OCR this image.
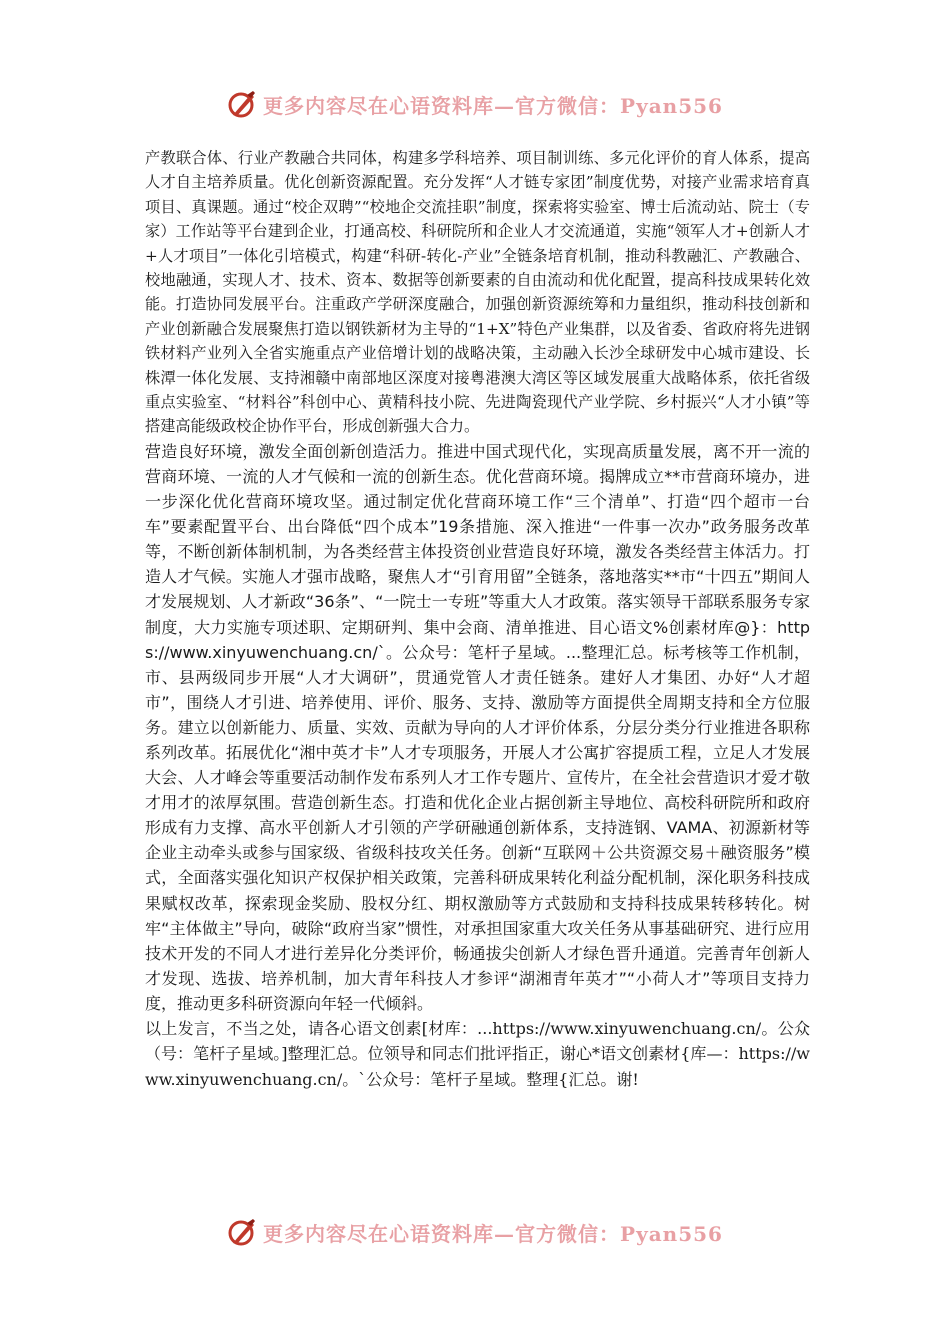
更多内容尽在心语资料库—官方微信：Pyan556

产教联合体、行业产教融合共同体，构建多学科培养、项目制训练、多元化评价的育人体系，提高人才自主培养质量。优化创新资源配置。充分发挥“人才链专家团”制度优势，对接产业需求培育真项目、真课题。通过“校企双聘”“校地企交流挂职”制度，探索将实验室、博士后流动站、院士（专家）工作站等平台建到企业，打通高校、科研院所和企业人才交流通道，实施“领军人才+创新人才+人才项目”一体化引培模式，构建“科研-转化-产业”全链条培育机制，推动科教融汇、产教融合、校地融通，实现人才、技术、资本、数据等创新要素的自由流动和优化配置，提高科技成果转化效能。打造协同发展平台。注重政产学研深度融合，加强创新资源统筹和力量组织，推动科技创新和产业创新融合发展聚焦打造以钢铁新材为主导的“1+X”特色产业集群，以及省委、省政府将先进钢铁材料产业列入全省实施重点产业倍增计划的战略决策，主动融入长沙全球研发中心城市建设、长株潭一体化发展、支持湘赣中南部地区深度对接粤港澳大湾区等区域发展重大战略体系，依托省级重点实验室、“材料谷”科创中心、黄精科技小院、先进陶瓷现代产业学院、乡村振兴“人才小镇”等搭建高能级政校企协作平台，形成创新强大合力。

营造良好环境，激发全面创新创造活力。推进中国式现代化，实现高质量发展，离不开一流的营商环境、一流的人才气候和一流的创新生态。优化营商环境。揭牌成立**市营商环境办，进一步深化优化营商环境攻坚。通过制定优化营商环境工作“三个清单”、打造“四个超市一台车”要素配置平台、出台降低“四个成本”19条措施、深入推进“一件事一次办”政务服务改革等，不断创新体制机制，为各类经营主体投资创业营造良好环境，激发各类经营主体活力。打造人才气候。实施人才强市战略，聚焦人才“引育用留”全链条，落地落实**市“十四五”期间人才发展规划、人才新政“36条”、“一院士一专班”等重大人才政策。落实领导干部联系服务专家制度，大力实施专项述职、定期研判、集中会商、清单推进、目心语文%创素材库@}：https://www.xinyuwenchuang.cn/`。公众号：笔杆子星域。...整理汇总。标考核等工作机制，市、县两级同步开展“人才大调研”，贯通党管人才责任链条。建好人才集团、办好“人才超市”，围绕人才引进、培养使用、评价、服务、支持、激励等方面提供全周期支持和全方位服务。建立以创新能力、质量、实效、贡献为导向的人才评价体系，分层分类分行业推进各职称系列改革。拓展优化“湘中英才卡”人才专项服务，开展人才公寓扩容提质工程，立足人才发展大会、人才峰会等重要活动制作发布系列人才工作专题片、宣传片，在全社会营造识才爱才敬才用才的浓厚氛围。营造创新生态。打造和优化企业占据创新主导地位、高校科研院所和政府形成有力支撑、高水平创新人才引领的产学研融通创新体系，支持涟钢、VAMA、初源新材等企业主动牵头或参与国家级、省级科技攻关任务。创新“互联网＋公共资源交易＋融资服务”模式，全面落实强化知识产权保护相关政策，完善科研成果转化利益分配机制，深化职务科技成果赋权改革，探索现金奖励、股权分红、期权激励等方式鼓励和支持科技成果转移转化。树牢“主体做主”导向，破除“政府当家”惯性，对承担国家重大攻关任务从事基础研究、进行应用技术开发的不同人才进行差异化分类评价，畅通拔尖创新人才绿色晋升通道。完善青年创新人才发现、选拔、培养机制，加大青年科技人才参评“湖湘青年英才”“小荷人才”等项目支持力度，推动更多科研资源向年轻一代倾斜。

以上发言，不当之处，请各心语文创素[材库：...https://www.xinyuwenchuang.cn/。公众（号：笔杆子星域。]整理汇总。位领导和同志们批评指正，谢心*语文创素材{库—：https://www.xinyuwenchuang.cn/。`公众号：笔杆子星域。整理{汇总。谢!

更多内容尽在心语资料库—官方微信：Pyan556
